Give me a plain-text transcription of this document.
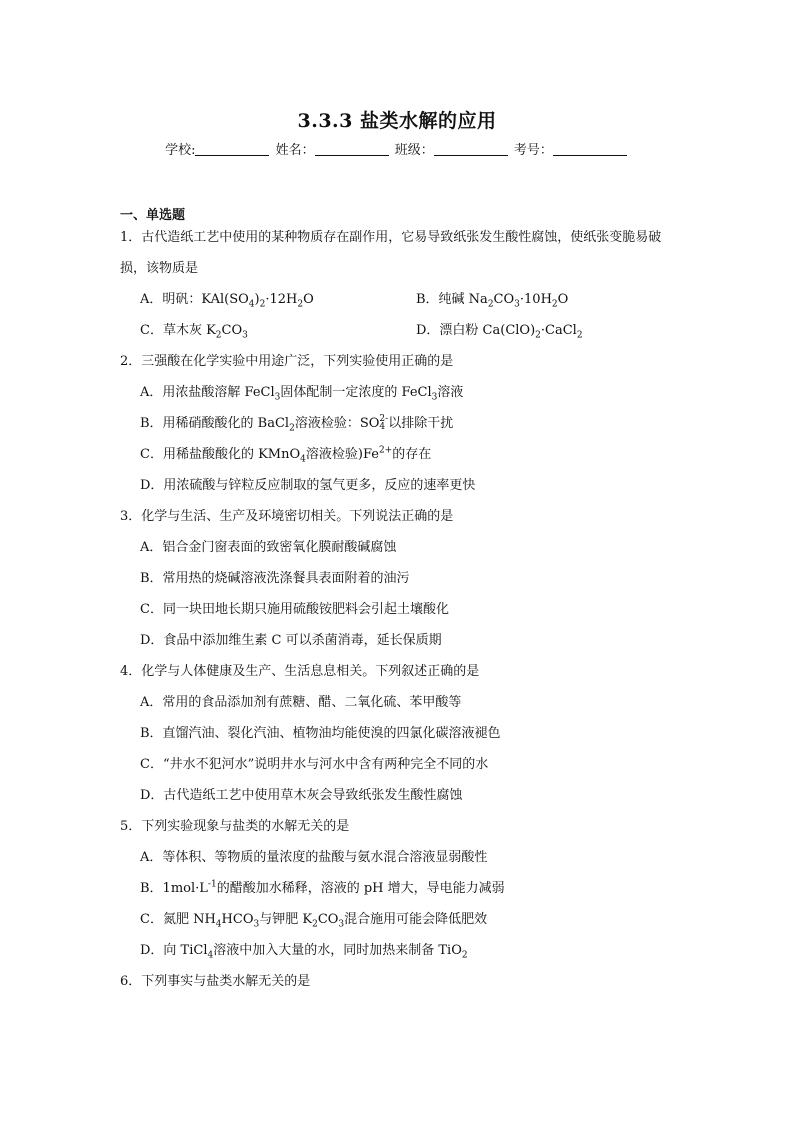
3.3.3 盐类水解的应用
学校:	姓名：	班级：	考号：
一、单选题

1．古代造纸工艺中使用的某种物质存在副作用，它易导致纸张发生酸性腐蚀，使纸张变脆易破损，该物质是

A．明矾：$KAl(SO_4)_2\cdot 12H_2O$	B．纯碱 $Na_2CO_3\cdot 10H_2O$
C．草木灰 $K_2CO_3$	D．漂白粉 $Ca(ClO)_2\cdot CaCl_2$

2．三强酸在化学实验中用途广泛，下列实验使用正确的是

A．用浓盐酸溶解 FeCl$_3$固体配制一定浓度的 FeCl$_3$溶液
B．用稀硝酸酸化的 BaCl$_2$溶液检验：SO 2-
4 以排除干扰
C．用稀盐酸酸化的 KMnO$_4$溶液检验)$Fe^{2+}$的存在
D．用浓硫酸与锌粒反应制取的氢气更多，反应的速率更快

3．化学与生活、生产及环境密切相关。下列说法正确的是

A．铝合金门窗表面的致密氧化膜耐酸碱腐蚀
B．常用热的烧碱溶液洗涤餐具表面附着的油污
C．同一块田地长期只施用硫酸铵肥料会引起土壤酸化
D．食品中添加维生素 C 可以杀菌消毒，延长保质期

4．化学与人体健康及生产、生活息息相关。下列叙述正确的是

A．常用的食品添加剂有蔗糖、醋、二氧化硫、苯甲酸等
B．直馏汽油、裂化汽油、植物油均能使溴的四氯化碳溶液褪色
C．“井水不犯河水”说明井水与河水中含有两种完全不同的水
D．古代造纸工艺中使用草木灰会导致纸张发生酸性腐蚀

5．下列实验现象与盐类的水解无关的是

A．等体积、等物质的量浓度的盐酸与氨水混合溶液显弱酸性
B．$1mol\cdot L^{-1}$的醋酸加水稀释，溶液的 pH 增大，导电能力减弱
C．氮肥 $NH_4HCO_3$与钾肥 $K_2CO_3$混合施用可能会降低肥效
D．向 TiCl$_4$溶液中加入大量的水，同时加热来制备 TiO$_2$

6．下列事实与盐类水解无关的是
